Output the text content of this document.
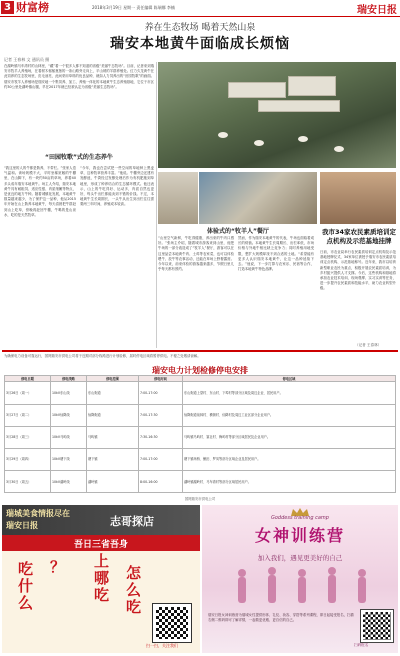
3 财富榜	2018年3月19日 星期一 责任编辑 陈瑞娜 李楠	瑞安日报
养在生态牧场 喝着天然山泉
瑞安本地黄牛面临成长烦恼
记者 王春林 文 通讯员 摄
在湖岭镇马车湾村的山林里，“藏”着一个很多人都不知道的省级“美丽牛态牧场”。目前，记者来到瑞安市牧羊人养殖场，在看树木郁郁葱葱的一条山路旁走向上，平山坡的羊群养殖处。红力久龙黄牛在此饲养的生态牧场里，皮毛油亮，此间采用草料的优良品种，就如人力饲养出的“田园牧歌”的画面。瑞安市牧羊人养殖场是瑞安地一个集饲养、加工、养殖一体化的本地黄牛生态养殖基地，它位于市区约30公里处湖岭镇山腰，早在2017年就已经被认定为省级“美丽生态牧场”。
“田园牧歌”式的生态养牛
“我这里的人的牛都是散养，不带栏。”张家人语气温和。该场规模不大，平时坐稀宽敞的牛棚里，在山脚下，有一块约50亩的草场，养着40多头成年瑞安本地黄牛。场主人介绍，瑞安本地黄牛具有耐粗饲、适应性强、肉质细嫩等特点，是优良的地方牛种。随着城镇化发展，本地黄牛数量越来越少，为了保护这一品种，他从2015年开始在山上散养本地黄牛，每天清晨把牛群赶到山上吃草，傍晚再赶回牛棚，牛喝的是山泉水，吃的是天然牧草。
“今年，我也在尝试把一些空闲的草地种上黑麦草，这种牧草营养丰富。”他说。牛棚旁边还建有发酵池，牛粪经过发酵处理后作为有机肥施到草地里，形成了种养结合的生态循环模式。他还表示，山上的牛吃得好、运动多，肉质自然也更好，每头牛出栏都能卖到不错的价钱。不过，本地黄牛生长周期长，一头牛从出生到出栏往往需要两三年时间，养殖成本较高。
体验式的“牧羊人”餐厅
“山里空气新鲜，牛吃得健康，养出来的牛肉口感好。”张场主介绍，随着城市游客来到山里，他把牛场的一部分改造成了“牧羊人”餐厅，游客可以在这里品尝本地黄牛肉、土鸡等农家菜，也可以体验喂牛、放牛等农事活动，还能在草场上野餐露营。今年以来，前来体验的游客越来越多，节假日里几乎每天都有预约。
然而，作为瑞安本地黄牛的代表，牛场也面临着成长的烦恼。本地黄牛生长周期长、出栏率低，市场价格与外地牛相比缺乏竞争力；同时养殖用地受限，想扩大规模却找不到合适的土地。“希望能有更多人认识瑞安本地黄牛，让这一品种延续下去。”他说，下一步打算与农家乐、民宿等合作，打造本地黄牛特色品牌。
我市34家农民素质培训定点机构及示范基地挂牌
日前，市农业局举行农民素质培训定点机构及示范基地授牌仪式，34家单位被授予瑞安市农民素质培训定点机构、示范基地称号。近年来，我市以培育新型职业农民为重点，积极开展农民素质培训，为乡村振兴提供人才支撑。今后，这些机构和基地将承担农业技术培训、现场观摩、实习实训等任务，进一步提升农民素质和技能水平，助力农业转型升级。
（记者 王春林）
为确保电力设备可靠运行，国网瑞安市供电公司将于近期对部分线路进行计划检修，届时停电区域将暂停供电。不便之处敬请谅解。
瑞安电力计划检修停电安排
停电日期	停电线路	停电范围	停电时间	停电区域
3月26日（周一）	10kV东山线	东山街道	7:00-17:00	东山街道上望村、东山村、下埠村等部分区域及周边企业、居民用户。
3月27日（周二）	10kV仙降线	仙降街道	7:00-17:30	仙降街道前林村、横街村、仙降村及周边工业区部分企业用户。
3月28日（周三）	10kV马屿线	马屿镇	7:30-16:30	马屿镇马屿村、篁社村、梅屿村等部分区域居民及企业用户。
3月29日（周四）	10kV塘下线	塘下镇	7:00-17:00	塘下镇场桥、鲍田、罗凤等部分区域企业及居民用户。
3月30日（周五）	10kV湖岭线	湖岭镇	8:00-16:00	湖岭镇湖岭村、马车湾村等部分区域居民用户。
国网瑞安市供电公司
瑞城美食情报尽在
瑞安日报	志哥探店
吾日三省吾身
吃什么
？	上哪吃
怎么吃
扫一扫，关注我们
Goddess training camp
女神训练营
加入我们，遇见更美好的自己
瑞安日报女神训练营为瑞城女性提供形体、礼仪、妆容、穿搭等系列课程，即日起接受报名，扫描右侧二维码即可了解详情，一起做更优雅、更自信的自己。
扫码报名
